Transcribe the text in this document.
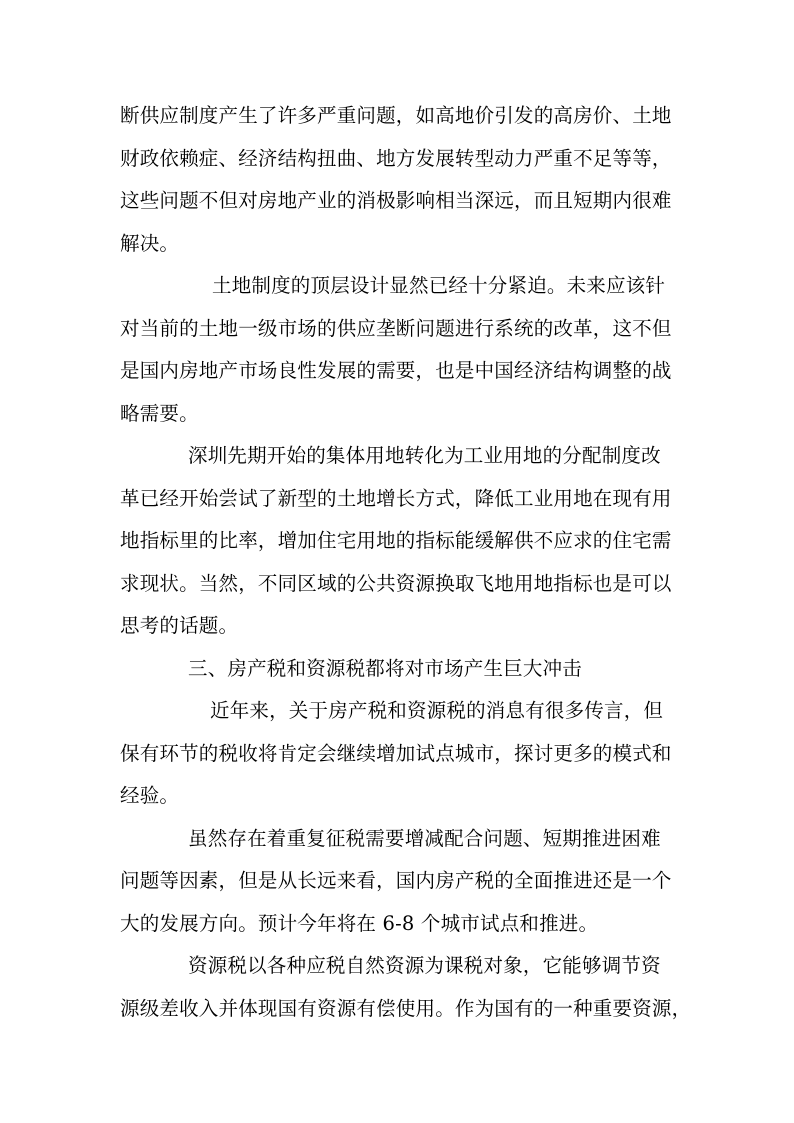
断供应制度产生了许多严重问题，如高地价引发的高房价、土地
财政依赖症、经济结构扭曲、地方发展转型动力严重不足等等，
这些问题不但对房地产业的消极影响相当深远，而且短期内很难
解决。
土地制度的顶层设计显然已经十分紧迫。未来应该针
对当前的土地一级市场的供应垄断问题进行系统的改革，这不但
是国内房地产市场良性发展的需要，也是中国经济结构调整的战
略需要。
深圳先期开始的集体用地转化为工业用地的分配制度改
革已经开始尝试了新型的土地增长方式，降低工业用地在现有用
地指标里的比率，增加住宅用地的指标能缓解供不应求的住宅需
求现状。当然，不同区域的公共资源换取飞地用地指标也是可以
思考的话题。
三、房产税和资源税都将对市场产生巨大冲击
近年来，关于房产税和资源税的消息有很多传言，但
保有环节的税收将肯定会继续增加试点城市，探讨更多的模式和
经验。
虽然存在着重复征税需要增减配合问题、短期推进困难
问题等因素，但是从长远来看，国内房产税的全面推进还是一个
大的发展方向。预计今年将在 6-8 个城市试点和推进。
资源税以各种应税自然资源为课税对象，它能够调节资
源级差收入并体现国有资源有偿使用。作为国有的一种重要资源，
